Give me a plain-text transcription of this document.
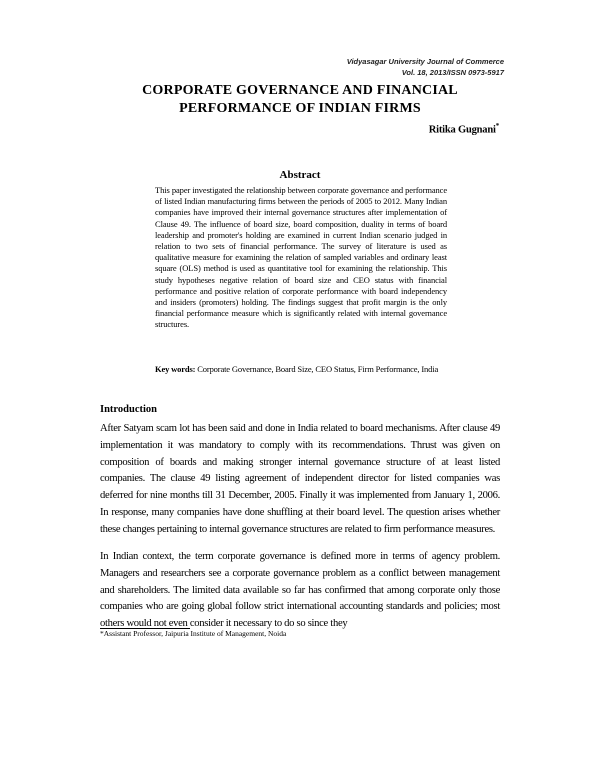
Vidyasagar University Journal of Commerce
Vol. 18, 2013/ISSN 0973-5917
CORPORATE GOVERNANCE AND FINANCIAL
PERFORMANCE OF INDIAN FIRMS
Ritika Gugnani*
Abstract
This paper investigated the relationship between corporate governance and performance of listed Indian manufacturing firms between the periods of 2005 to 2012. Many Indian companies have improved their internal governance structures after implementation of Clause 49. The influence of board size, board composition, duality in terms of board leadership and promoter's holding are examined in current Indian scenario judged in relation to two sets of financial performance. The survey of literature is used as qualitative measure for examining the relation of sampled variables and ordinary least square (OLS) method is used as quantitative tool for examining the relationship. This study hypotheses negative relation of board size and CEO status with financial performance and positive relation of corporate performance with board independency and insiders (promoters) holding. The findings suggest that profit margin is the only financial performance measure which is significantly related with internal governance structures.
Key words: Corporate Governance, Board Size, CEO Status, Firm Performance, India
Introduction

After Satyam scam lot has been said and done in India related to board mechanisms. After clause 49 implementation it was mandatory to comply with its recommendations. Thrust was given on composition of boards and making stronger internal governance structure of at least listed companies. The clause 49 listing agreement of independent director for listed companies was deferred for nine months till 31 December, 2005. Finally it was implemented from January 1, 2006. In response, many companies have done shuffling at their board level. The question arises whether these changes pertaining to internal governance structures are related to firm performance measures.

In Indian context, the term corporate governance is defined more in terms of agency problem. Managers and researchers see a corporate governance problem as a conflict between management and shareholders. The limited data available so far has confirmed that among corporate only those companies who are going global follow strict international accounting standards and policies; most others would not even consider it necessary to do so since they

*Assistant Professor, Jaipuria Institute of Management, Noida
